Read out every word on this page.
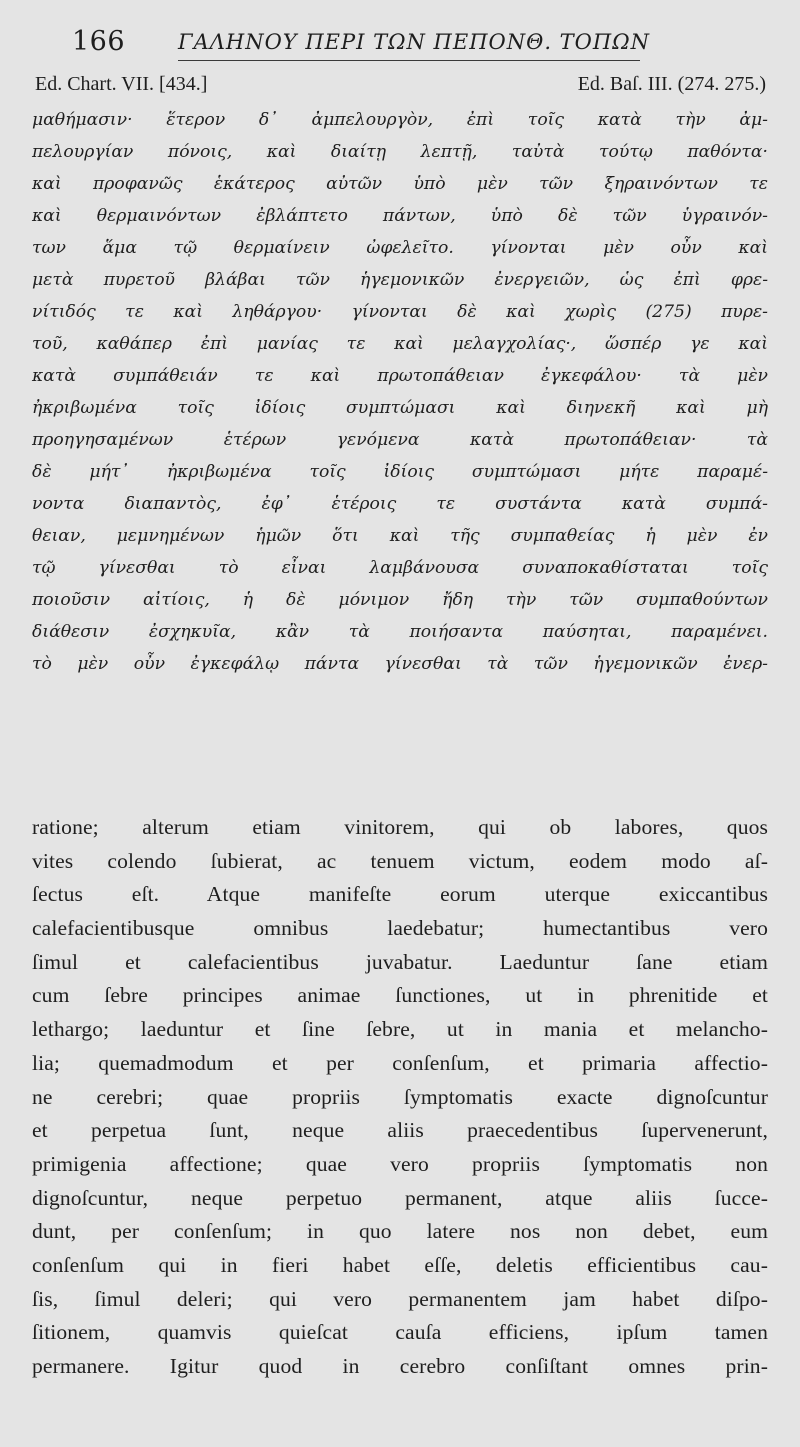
166	ΓΑΛΗΝΟΥ ΠΕΡΙ ΤΩΝ ΠΕΠΟΝΘ. ΤΟΠΩΝ
Ed. Chart. VII. [434.]	Ed. Baſ. III. (274. 275.)
μαθήμασιν· ἕτερον δ᾽ ἀμπελουργὸν, ἐπὶ τοῖς κατὰ τὴν ἀμ-
πελουργίαν πόνοις, καὶ διαίτῃ λεπτῇ, ταὐτὰ τούτῳ παθόντα·
καὶ προφανῶς ἑκάτερος αὐτῶν ὑπὸ μὲν τῶν ξηραινόντων τε
καὶ θερμαινόντων ἐβλάπτετο πάντων, ὑπὸ δὲ τῶν ὑγραινόν-
των ἅμα τῷ θερμαίνειν ὠφελεῖτο. γίνονται μὲν οὖν καὶ
μετὰ πυρετοῦ βλάβαι τῶν ἡγεμονικῶν ἐνεργειῶν, ὡς ἐπὶ φρε-
νίτιδός τε καὶ ληθάργου· γίνονται δὲ καὶ χωρὶς (275) πυρε-
τοῦ, καθάπερ ἐπὶ μανίας τε καὶ μελαγχολίας·, ὥσπέρ γε καὶ
κατὰ συμπάθειάν τε καὶ πρωτοπάθειαν ἐγκεφάλου· τὰ μὲν
ἠκριβωμένα τοῖς ἰδίοις συμπτώμασι καὶ διηνεκῆ καὶ μὴ
προηγησαμένων ἑτέρων γενόμενα κατὰ πρωτοπάθειαν· τὰ
δὲ μήτ᾽ ἠκριβωμένα τοῖς ἰδίοις συμπτώμασι μήτε παραμέ-
νοντα διαπαντὸς, ἐφ᾽ ἑτέροις τε συστάντα κατὰ συμπά-
θειαν, μεμνημένων ἡμῶν ὅτι καὶ τῆς συμπαθείας ἡ μὲν ἐν
τῷ γίνεσθαι τὸ εἶναι λαμβάνουσα συναποκαθίσταται τοῖς
ποιοῦσιν αἰτίοις, ἡ δὲ μόνιμον ἤδη τὴν τῶν συμπαθούντων
διάθεσιν ἐσχηκυῖα, κἂν τὰ ποιήσαντα παύσηται, παραμένει.
τὸ μὲν οὖν ἐγκεφάλῳ πάντα γίνεσθαι τὰ τῶν ἡγεμονικῶν ἐνερ-
ratione; alterum etiam vinitorem, qui ob labores, quos
vites colendo ſubierat, ac tenuem victum, eodem modo aſ-
ſectus eſt. Atque manifeſte eorum uterque exiccantibus
calefacientibusque omnibus laedebatur; humectantibus vero
ſimul et calefacientibus juvabatur. Laeduntur ſane etiam
cum ſebre principes animae ſunctiones, ut in phrenitide et
lethargo; laeduntur et ſine ſebre, ut in mania et melancho-
lia; quemadmodum et per conſenſum, et primaria affectio-
ne cerebri; quae propriis ſymptomatis exacte dignoſcuntur
et perpetua ſunt, neque aliis praecedentibus ſupervenerunt,
primigenia affectione; quae vero propriis ſymptomatis non
dignoſcuntur, neque perpetuo permanent, atque aliis ſucce-
dunt, per conſenſum; in quo latere nos non debet, eum
conſenſum qui in fieri habet eſſe, deletis efficientibus cau-
ſis, ſimul deleri; qui vero permanentem jam habet diſpo-
ſitionem, quamvis quieſcat cauſa efficiens, ipſum tamen
permanere. Igitur quod in cerebro conſiſtant omnes prin-
